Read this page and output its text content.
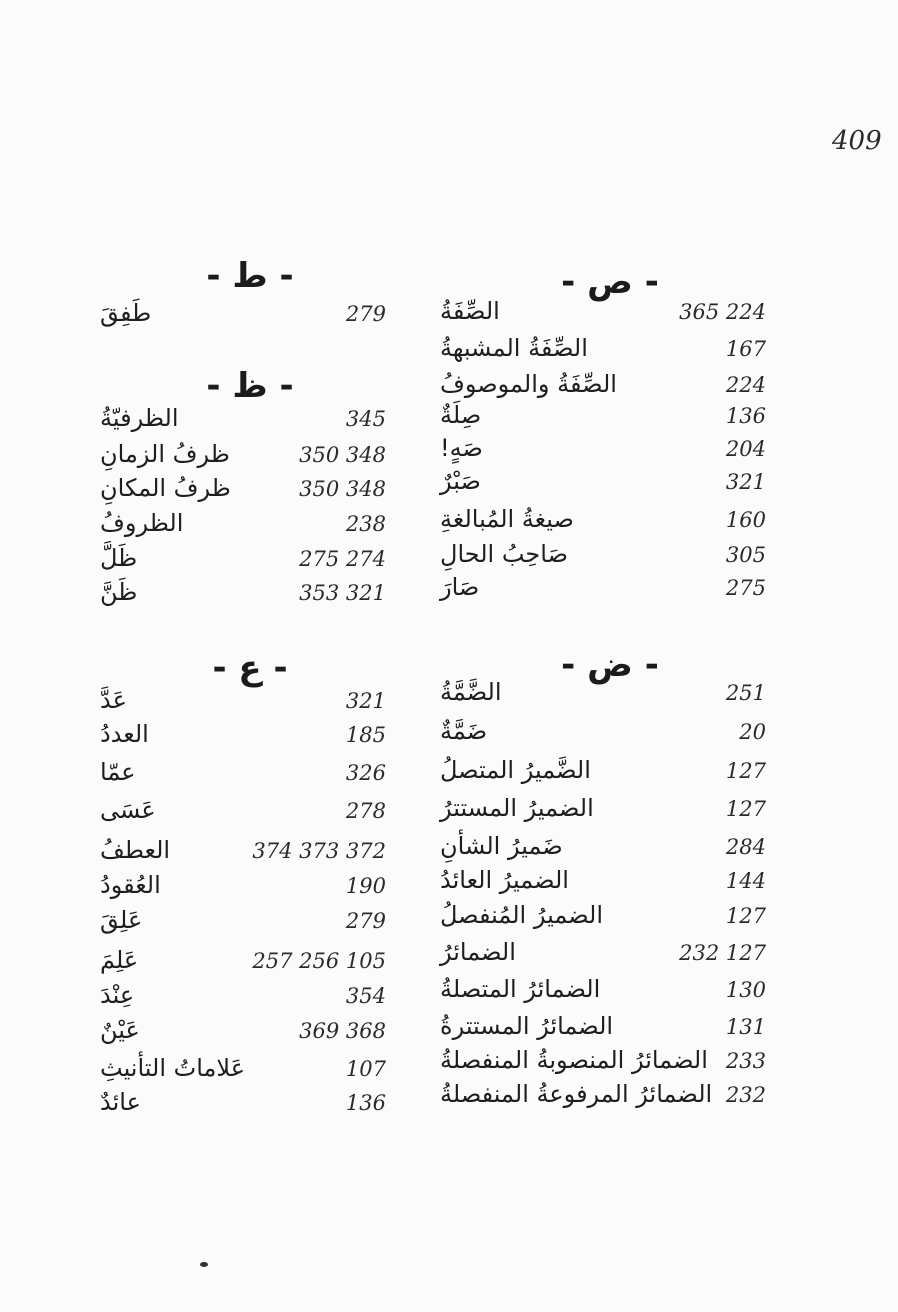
409
- ص -
الصِّفَةُ	365 224
الصِّفَةُ المشبهةُ	167
الصِّفَةُ والموصوفُ	224
صِلَةٌ	136
صَهٍ!	204
صَبْرٌ	321
صيغةُ المُبالغةِ	160
صَاحِبُ الحالِ	305
صَارَ	275
- ض -
الضَّمَّةُ	251
ضَمَّةٌ	20
الضَّميرُ المتصلُ	127
الضميرُ المستترُ	127
ضَميرُ الشأنِ	284
الضميرُ العائدُ	144
الضميرُ المُنفصلُ	127
الضمائرُ	232 127
الضمائرُ المتصلةُ	130
الضمائرُ المستترةُ	131
الضمائرُ المنصوبةُ المنفصلةُ 233
الضمائرُ المرفوعةُ المنفصلةُ 232
- ط -
طَفِقَ	279
- ظ -
الظرفيّةُ	345
ظرفُ الزمانِ	350 348
ظرفُ المكانِ	350 348
الظروفُ	238
ظَلَّ	275 274
ظَنَّ	353 321
- ع -
عَدَّ	321
العددُ	185
عمّا	326
عَسَى	278
العطفُ	374 373 372
العُقودُ	190
عَلِقَ	279
عَلِمَ	257 256 105
عِنْدَ	354
عَيْنٌ	369 368
عَلاماتُ التأنيثِ	107
عائدٌ	136
